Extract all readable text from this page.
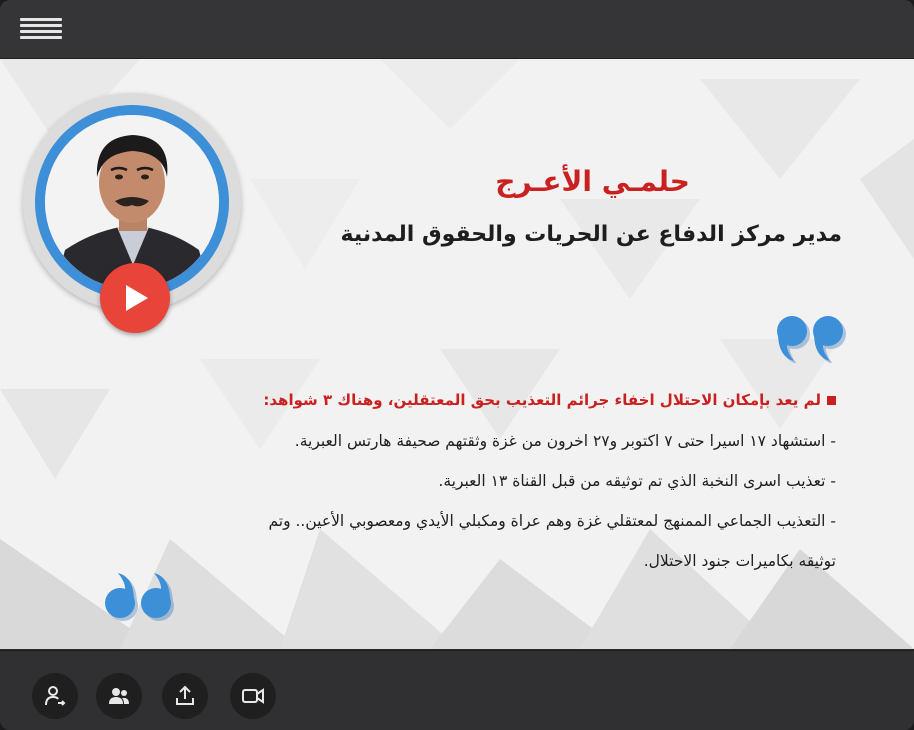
حلمـي الأعـرج
مدير مركز الدفاع عن الحريات والحقوق المدنية
لم يعد بإمكان الاحتلال اخفاء جرائم التعذيب بحق المعتقلين، وهناك ٣ شواهد:
- استشهاد ١٧ اسيرا حتى ٧ اكتوبر و٢٧ اخرون من غزة وثقتهم صحيفة هارتس العبرية.
- تعذيب اسرى النخبة الذي تم توثيقه من قبل القناة ١٣ العبرية.
- التعذيب الجماعي الممنهج لمعتقلي غزة وهم عراة ومكبلي الأيدي ومعصوبي الأعين.. وتم
توثيقه بكاميرات جنود الاحتلال.
